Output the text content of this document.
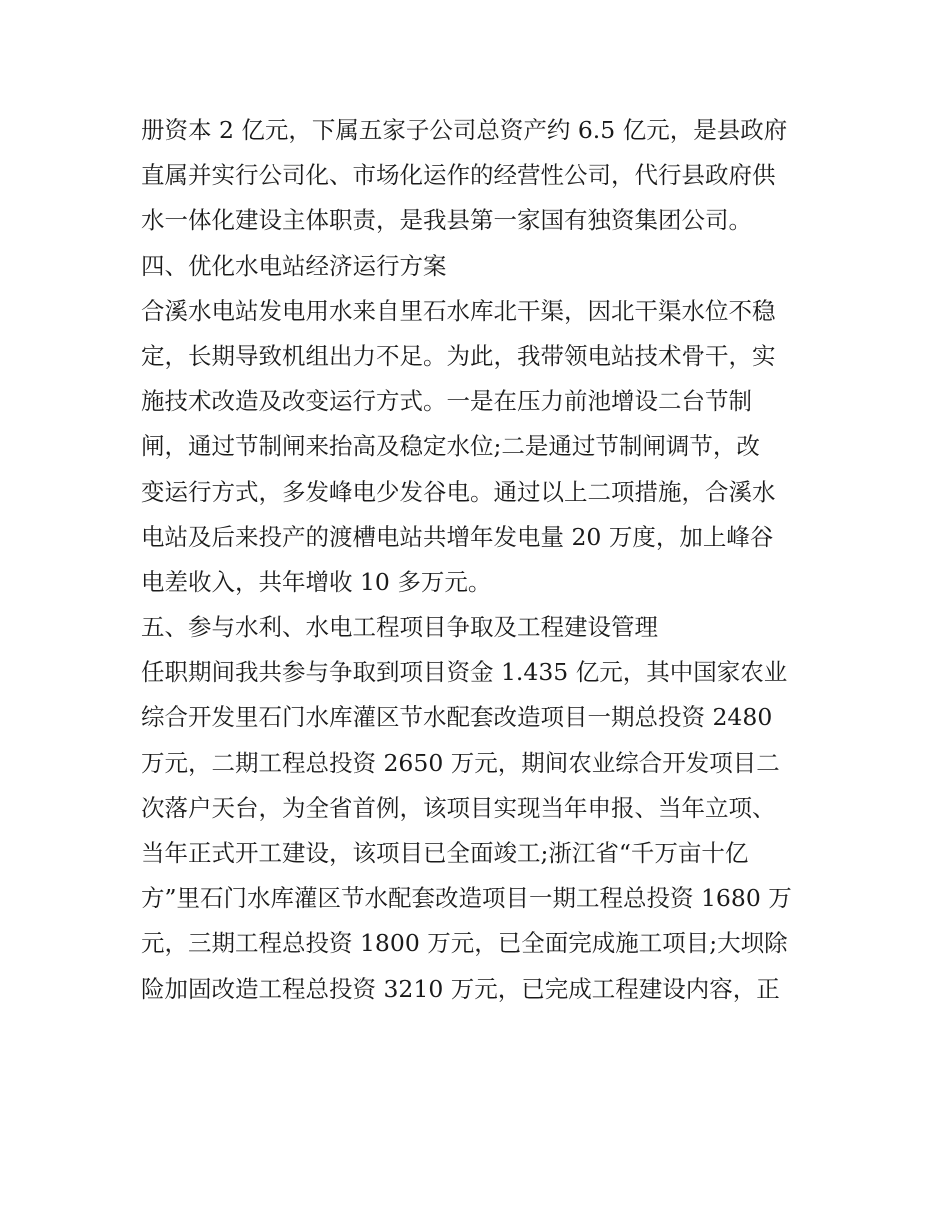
册资本 2 亿元，下属五家子公司总资产约 6.5 亿元，是县政府
直属并实行公司化、市场化运作的经营性公司，代行县政府供
水一体化建设主体职责，是我县第一家国有独资集团公司。
四、优化水电站经济运行方案
合溪水电站发电用水来自里石水库北干渠，因北干渠水位不稳
定，长期导致机组出力不足。为此，我带领电站技术骨干，实
施技术改造及改变运行方式。一是在压力前池增设二台节制
闸，通过节制闸来抬高及稳定水位;二是通过节制闸调节，改
变运行方式，多发峰电少发谷电。通过以上二项措施，合溪水
电站及后来投产的渡槽电站共增年发电量 20 万度，加上峰谷
电差收入，共年增收 10 多万元。
五、参与水利、水电工程项目争取及工程建设管理
任职期间我共参与争取到项目资金 1.435 亿元，其中国家农业
综合开发里石门水库灌区节水配套改造项目一期总投资 2480
万元，二期工程总投资 2650 万元，期间农业综合开发项目二
次落户天台，为全省首例，该项目实现当年申报、当年立项、
当年正式开工建设，该项目已全面竣工;浙江省“千万亩十亿
方”里石门水库灌区节水配套改造项目一期工程总投资 1680 万
元，三期工程总投资 1800 万元，已全面完成施工项目;大坝除
险加固改造工程总投资 3210 万元，已完成工程建设内容，正
